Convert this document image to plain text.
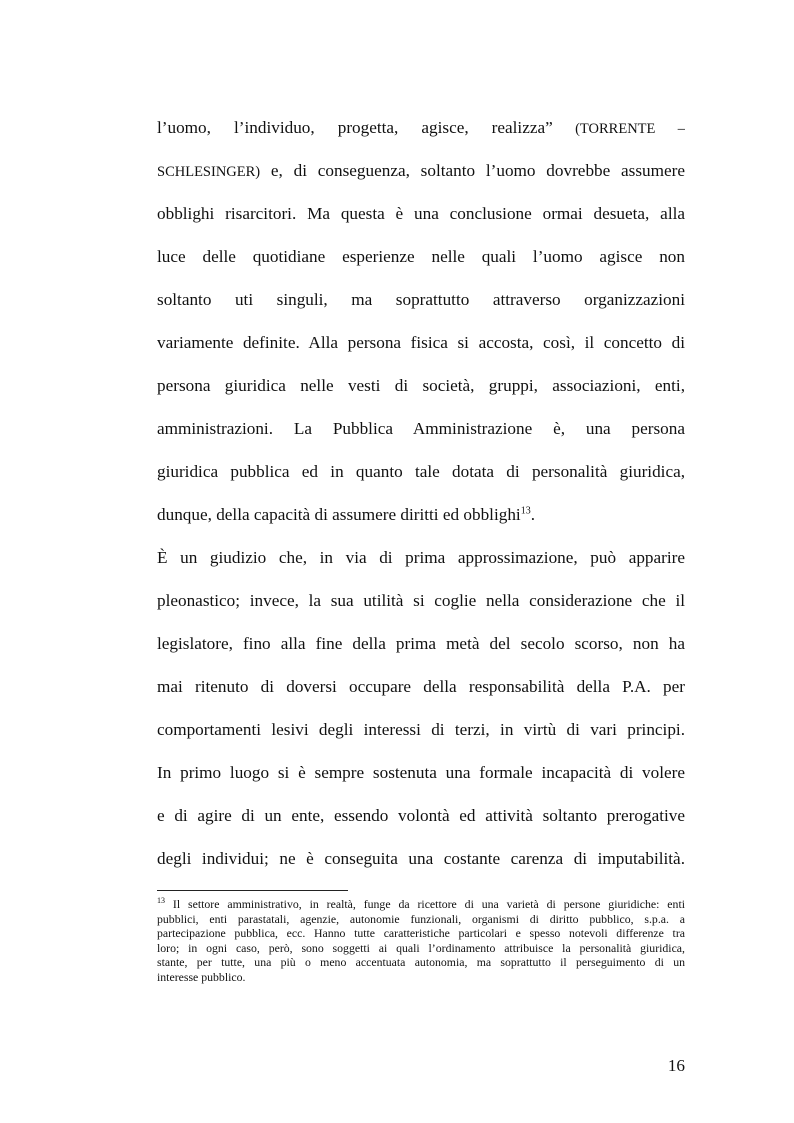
l’uomo, l’individuo, progetta, agisce, realizza” (TORRENTE –
SCHLESINGER) e, di conseguenza, soltanto l’uomo dovrebbe assumere
obblighi risarcitori. Ma questa è una conclusione ormai desueta, alla
luce delle quotidiane esperienze nelle quali l’uomo agisce non
soltanto uti singuli, ma soprattutto attraverso organizzazioni
variamente definite. Alla persona fisica si accosta, così, il concetto di
persona giuridica nelle vesti di società, gruppi, associazioni, enti,
amministrazioni. La Pubblica Amministrazione è, una persona
giuridica pubblica ed in quanto tale dotata di personalità giuridica,
dunque, della capacità di assumere diritti ed obblighi$^{13}$.
È un giudizio che, in via di prima approssimazione, può apparire
pleonastico; invece, la sua utilità si coglie nella considerazione che il
legislatore, fino alla fine della prima metà del secolo scorso, non ha
mai ritenuto di doversi occupare della responsabilità della P.A. per
comportamenti lesivi degli interessi di terzi, in virtù di vari principi.
In primo luogo si è sempre sostenuta una formale incapacità di volere
e di agire di un ente, essendo volontà ed attività soltanto prerogative
degli individui; ne è conseguita una costante carenza di imputabilità.
$^{13}$ Il settore amministrativo, in realtà, funge da ricettore di una varietà di persone giuridiche: enti
pubblici, enti parastatali, agenzie, autonomie funzionali, organismi di diritto pubblico, s.p.a. a
partecipazione pubblica, ecc. Hanno tutte caratteristiche particolari e spesso notevoli differenze tra
loro; in ogni caso, però, sono soggetti ai quali l’ordinamento attribuisce la personalità giuridica,
stante, per tutte, una più o meno accentuata autonomia, ma soprattutto il perseguimento di un
interesse pubblico.
16
